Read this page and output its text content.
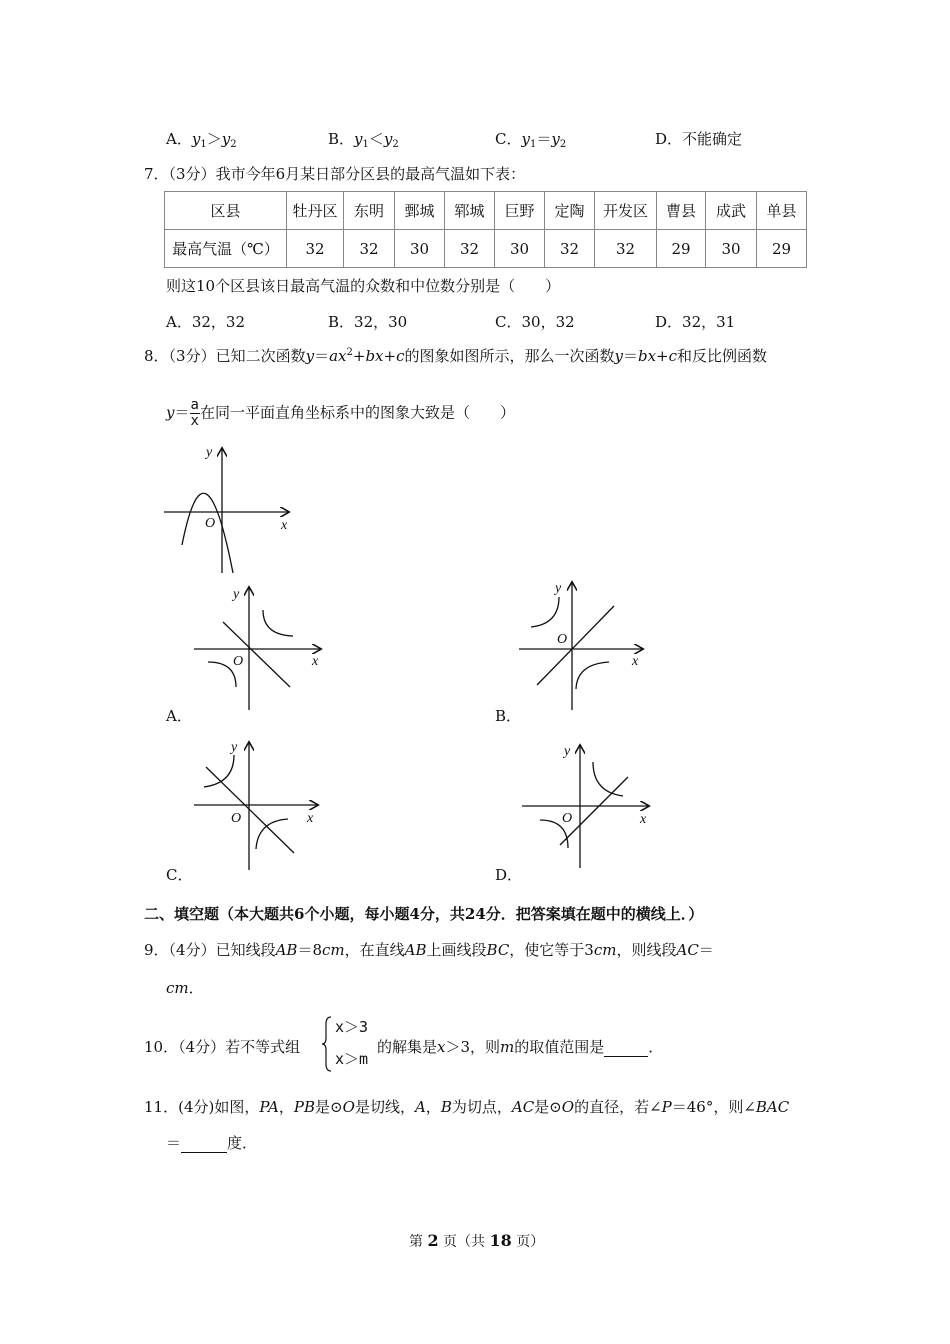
A．$y_1>y_2$	B．$y_1<y_2$	C．$y_1=y_2$	D．不能确定
7．（3分）我市今年6月某日部分区县的最高气温如下表：
区县	牡丹区	东明	鄄城	郓城	巨野	定陶	开发区	曹县	成武	单县
最高气温（℃）	32	32	30	32	30	32	32	29	30	29
则这10个区县该日最高气温的众数和中位数分别是（　　）
A．32，32	B．32，30	C．30，32	D．32，31
8．（3分）已知二次函数$y=ax^2+bx+c$的图象如图所示，那么一次函数y＝bx+c和反比例函数
$y= \frac{a}{x}$在同一平面直角坐标系中的图象大致是（　　）
y
x
O
y
x
O
A．
y
x
O
B．
y
x
O
C．
y
x
O
D．
二、填空题（本大题共6个小题，每小题4分，共24分．把答案填在题中的横线上．）
9．（4分）已知线段AB＝8cm，在直线AB上画线段BC，使它等于3cm，则线段AC＝
cm．
10．（4分）若不等式组
x＞3
x＞m
的解集是x＞3，则m的取值范围是	．
11．(4分)如图，PA，PB是⊙O是切线，A，B为切点，AC是⊙O的直径，若∠P＝46°，则∠BAC
＝	度．
第 2 页（共 18 页）
